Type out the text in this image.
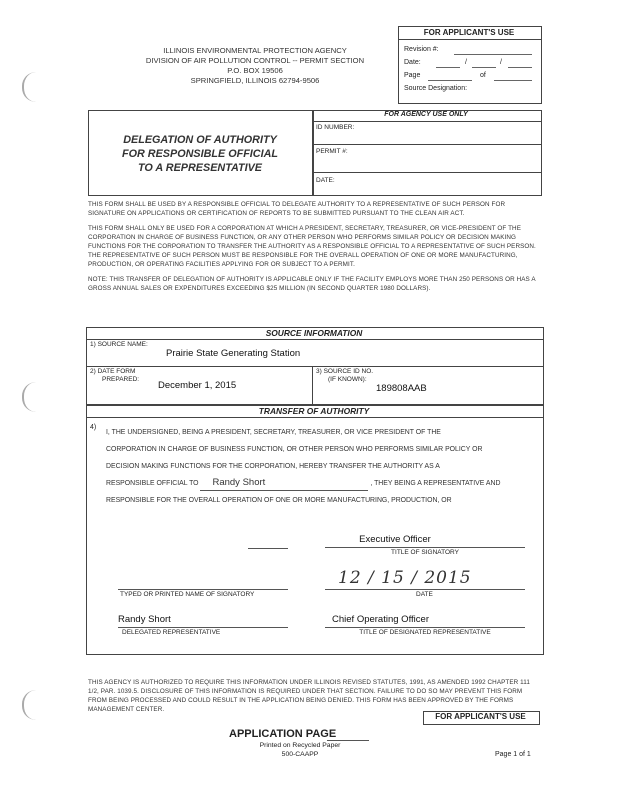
ILLINOIS ENVIRONMENTAL PROTECTION AGENCY
DIVISION OF AIR POLLUTION CONTROL -- PERMIT SECTION
P.O. BOX 19506
SPRINGFIELD, ILLINOIS 62794-9506
FOR APPLICANT'S USE
Revision #:
Date:	/	/
Page	of
Source Designation:
DELEGATION OF AUTHORITY
FOR RESPONSIBLE OFFICIAL
TO A REPRESENTATIVE
FOR AGENCY USE ONLY
ID NUMBER:
PERMIT #:
DATE:

THIS FORM SHALL BE USED BY A RESPONSIBLE OFFICIAL TO DELEGATE AUTHORITY TO A REPRESENTATIVE OF SUCH PERSON FOR SIGNATURE ON APPLICATIONS OR CERTIFICATION OF REPORTS TO BE SUBMITTED PURSUANT TO THE CLEAN AIR ACT.

THIS FORM SHALL ONLY BE USED FOR A CORPORATION AT WHICH A PRESIDENT, SECRETARY, TREASURER, OR VICE-PRESIDENT OF THE CORPORATION IN CHARGE OF BUSINESS FUNCTION, OR ANY OTHER PERSON WHO PERFORMS SIMILAR POLICY OR DECISION MAKING FUNCTIONS FOR THE CORPORATION TO TRANSFER THE AUTHORITY AS A RESPONSIBLE OFFICIAL TO A REPRESENTATIVE OF SUCH PERSON. THE REPRESENTATIVE OF SUCH PERSON MUST BE RESPONSIBLE FOR THE OVERALL OPERATION OF ONE OR MORE MANUFACTURING, PRODUCTION, OR OPERATING FACILITIES APPLYING FOR OR SUBJECT TO A PERMIT.

NOTE: THIS TRANSFER OF DELEGATION OF AUTHORITY IS APPLICABLE ONLY IF THE FACILITY EMPLOYS MORE THAN 250 PERSONS OR HAS A GROSS ANNUAL SALES OR EXPENDITURES EXCEEDING $25 MILLION (IN SECOND QUARTER 1980 DOLLARS).

SOURCE INFORMATION
1) SOURCE NAME:
Prairie State Generating Station
2) DATE FORM
PREPARED:
December 1, 2015
3) SOURCE ID NO.
(IF KNOWN):
189808AAB
TRANSFER OF AUTHORITY
4)
I, THE UNDERSIGNED, BEING A PRESIDENT, SECRETARY, TREASURER, OR VICE PRESIDENT OF THE
CORPORATION IN CHARGE OF BUSINESS FUNCTION, OR OTHER PERSON WHO PERFORMS SIMILAR POLICY OR
DECISION MAKING FUNCTIONS FOR THE CORPORATION, HEREBY TRANSFER THE AUTHORITY AS A
RESPONSIBLE OFFICIAL TO Randy Short	, THEY BEING A REPRESENTATIVE AND
RESPONSIBLE FOR THE OVERALL OPERATION OF ONE OR MORE MANUFACTURING, PRODUCTION, OR
Executive Officer
TITLE OF SIGNATORY
12 / 15 / 2015
DATE
TYPED OR PRINTED NAME OF SIGNATORY
Randy Short
DELEGATED REPRESENTATIVE
Chief Operating Officer
TITLE OF DESIGNATED REPRESENTATIVE
THIS AGENCY IS AUTHORIZED TO REQUIRE THIS INFORMATION UNDER ILLINOIS REVISED STATUTES, 1991, AS AMENDED 1992 CHAPTER 111 1/2, PAR. 1039.5. DISCLOSURE OF THIS INFORMATION IS REQUIRED UNDER THAT SECTION. FAILURE TO DO SO MAY PREVENT THIS FORM FROM BEING PROCESSED AND COULD RESULT IN THE APPLICATION BEING DENIED. THIS FORM HAS BEEN APPROVED BY THE FORMS MANAGEMENT CENTER.
FOR APPLICANT'S USE
APPLICATION PAGE
Printed on Recycled Paper
500-CAAPP	Page 1 of 1
